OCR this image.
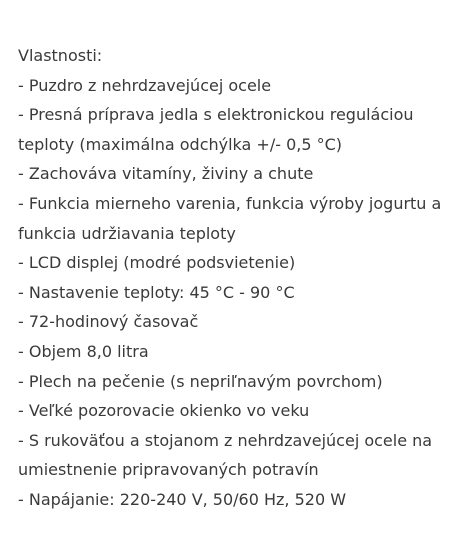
Vlastnosti:
- Puzdro z nehrdzavejúcej ocele
- Presná príprava jedla s elektronickou reguláciou teploty (maximálna odchýlka +/- 0,5 °C)
- Zachováva vitamíny, živiny a chute
- Funkcia mierneho varenia, funkcia výroby jogurtu a funkcia udržiavania teploty
- LCD displej (modré podsvietenie)
- Nastavenie teploty: 45 °C - 90 °C
- 72-hodinový časovač
- Objem 8,0 litra
- Plech na pečenie (s nepriľnavým povrchom)
- Veľké pozorovacie okienko vo veku
- S rukoväťou a stojanom z nehrdzavejúcej ocele na umiestnenie pripravovaných potravín
- Napájanie: 220-240 V, 50/60 Hz, 520 W
